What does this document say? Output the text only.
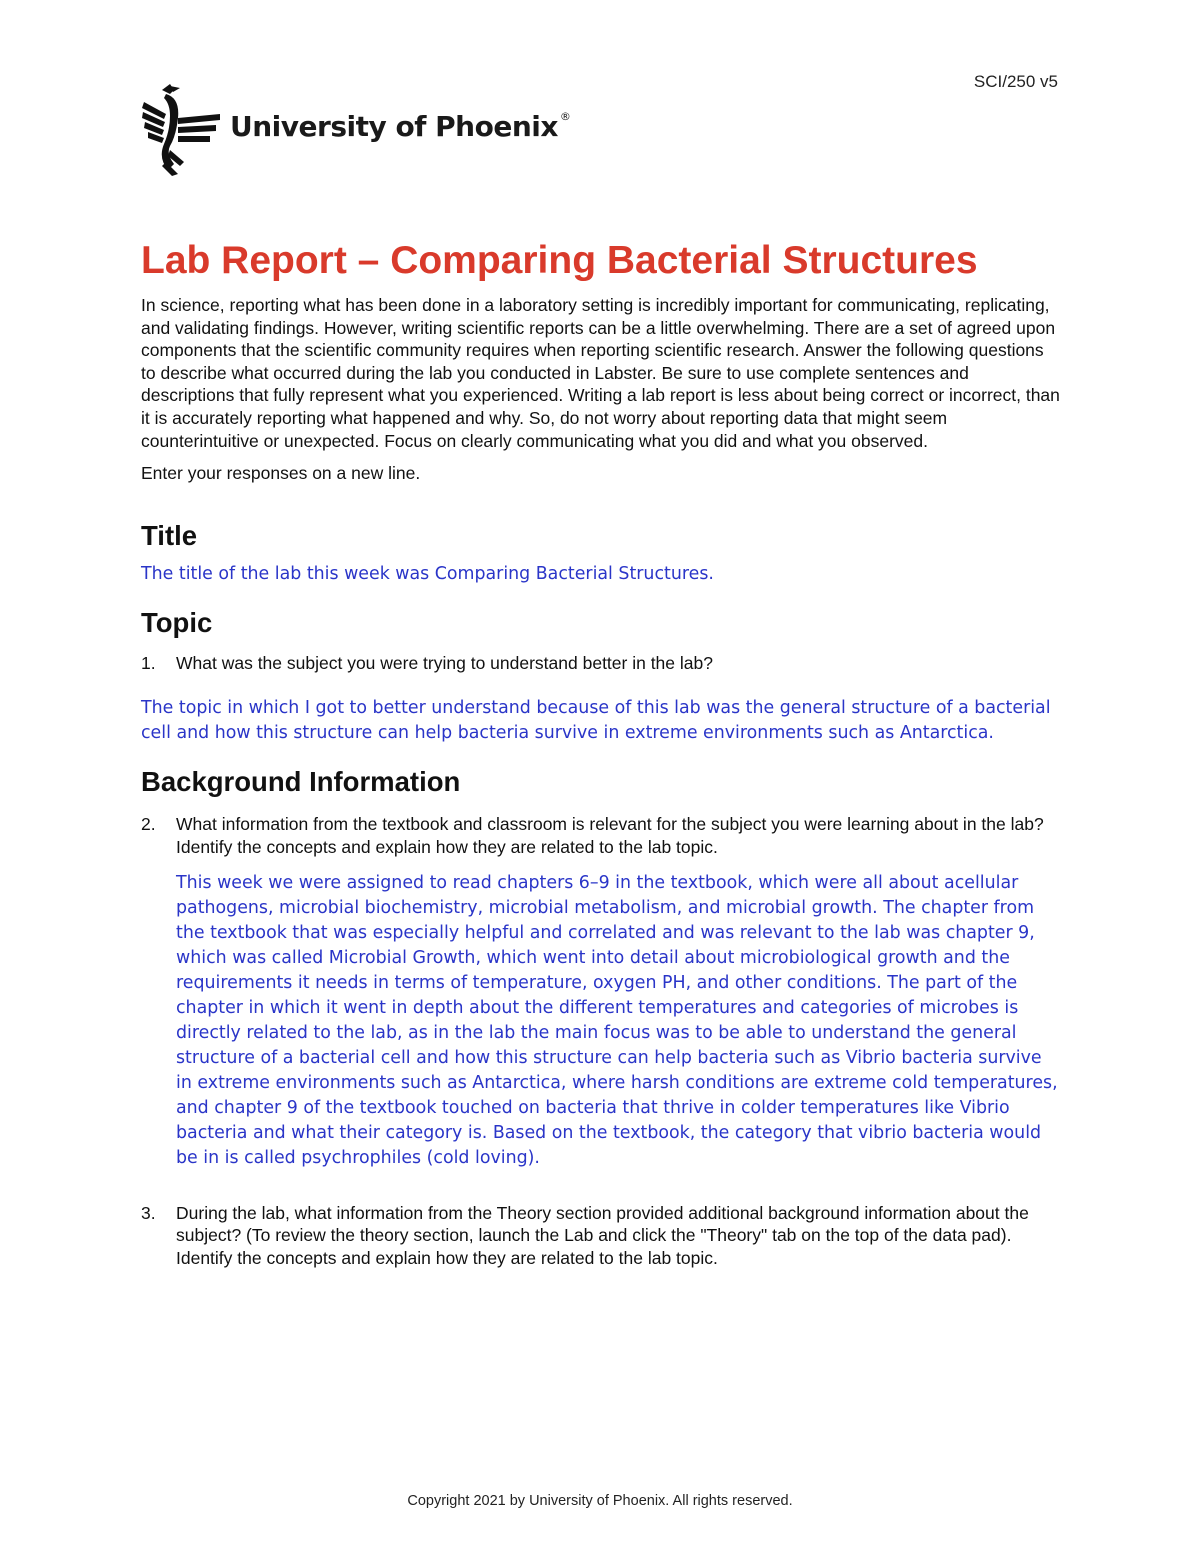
SCI/250 v5
University of Phoenix ®
Lab Report – Comparing Bacterial Structures

In science, reporting what has been done in a laboratory setting is incredibly important for communicating, replicating, and validating findings. However, writing scientific reports can be a little overwhelming. There are a set of agreed upon components that the scientific community requires when reporting scientific research. Answer the following questions to describe what occurred during the lab you conducted in Labster. Be sure to use complete sentences and descriptions that fully represent what you experienced. Writing a lab report is less about being correct or incorrect, than it is accurately reporting what happened and why. So, do not worry about reporting data that might seem counterintuitive or unexpected. Focus on clearly communicating what you did and what you observed.

Enter your responses on a new line.

Title

The title of the lab this week was Comparing Bacterial Structures.

Topic
1.	What was the subject you were trying to understand better in the lab?

The topic in which I got to better understand because of this lab was the general structure of a bacterial cell and how this structure can help bacteria survive in extreme environments such as Antarctica.

Background Information
2.	What information from the textbook and classroom is relevant for the subject you were learning about in the lab? Identify the concepts and explain how they are related to the lab topic.

This week we were assigned to read chapters 6–9 in the textbook, which were all about acellular pathogens, microbial biochemistry, microbial metabolism, and microbial growth. The chapter from the textbook that was especially helpful and correlated and was relevant to the lab was chapter 9, which was called Microbial Growth, which went into detail about microbiological growth and the requirements it needs in terms of temperature, oxygen PH, and other conditions. The part of the chapter in which it went in depth about the different temperatures and categories of microbes is directly related to the lab, as in the lab the main focus was to be able to understand the general structure of a bacterial cell and how this structure can help bacteria such as Vibrio bacteria survive in extreme environments such as Antarctica, where harsh conditions are extreme cold temperatures, and chapter 9 of the textbook touched on bacteria that thrive in colder temperatures like Vibrio bacteria and what their category is. Based on the textbook, the category that vibrio bacteria would be in is called psychrophiles (cold loving).

3.	During the lab, what information from the Theory section provided additional background information about the subject? (To review the theory section, launch the Lab and click the "Theory" tab on the top of the data pad). Identify the concepts and explain how they are related to the lab topic.
Copyright 2021 by University of Phoenix. All rights reserved.
